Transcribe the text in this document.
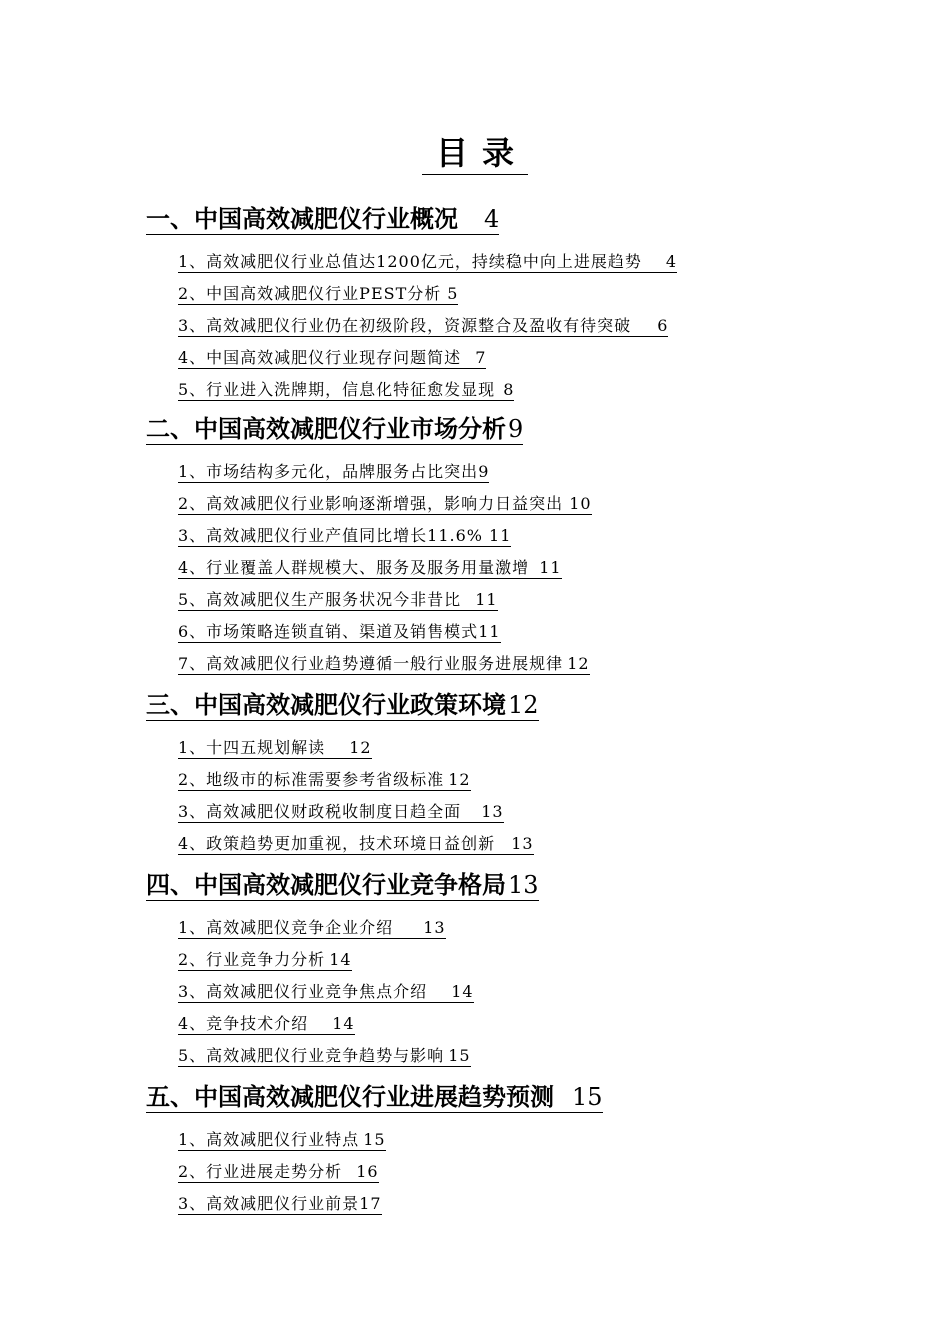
目录
一、中国高效减肥仪行业概况 4
1、高效减肥仪行业总值达1200亿元，持续稳中向上进展趋势 4
2、中国高效减肥仪行业PEST分析 5
3、高效减肥仪行业仍在初级阶段，资源整合及盈收有待突破 6
4、中国高效减肥仪行业现存问题简述 7
5、行业进入洗牌期，信息化特征愈发显现 8
二、中国高效减肥仪行业市场分析9
1、市场结构多元化，品牌服务占比突出9
2、高效减肥仪行业影响逐渐增强，影响力日益突出 10
3、高效减肥仪行业产值同比增长11.6% 11
4、行业覆盖人群规模大、服务及服务用量激增 11
5、高效减肥仪生产服务状况今非昔比 11
6、市场策略连锁直销、渠道及销售模式11
7、高效减肥仪行业趋势遵循一般行业服务进展规律 12
三、中国高效减肥仪行业政策环境12
1、十四五规划解读 12
2、地级市的标准需要参考省级标准 12
3、高效减肥仪财政税收制度日趋全面 13
4、政策趋势更加重视，技术环境日益创新 13
四、中国高效减肥仪行业竞争格局13
1、高效减肥仪竞争企业介绍 13
2、行业竞争力分析 14
3、高效减肥仪行业竞争焦点介绍 14
4、竞争技术介绍 14
5、高效减肥仪行业竞争趋势与影响 15
五、中国高效减肥仪行业进展趋势预测 15
1、高效减肥仪行业特点 15
2、行业进展走势分析 16
3、高效减肥仪行业前景17
